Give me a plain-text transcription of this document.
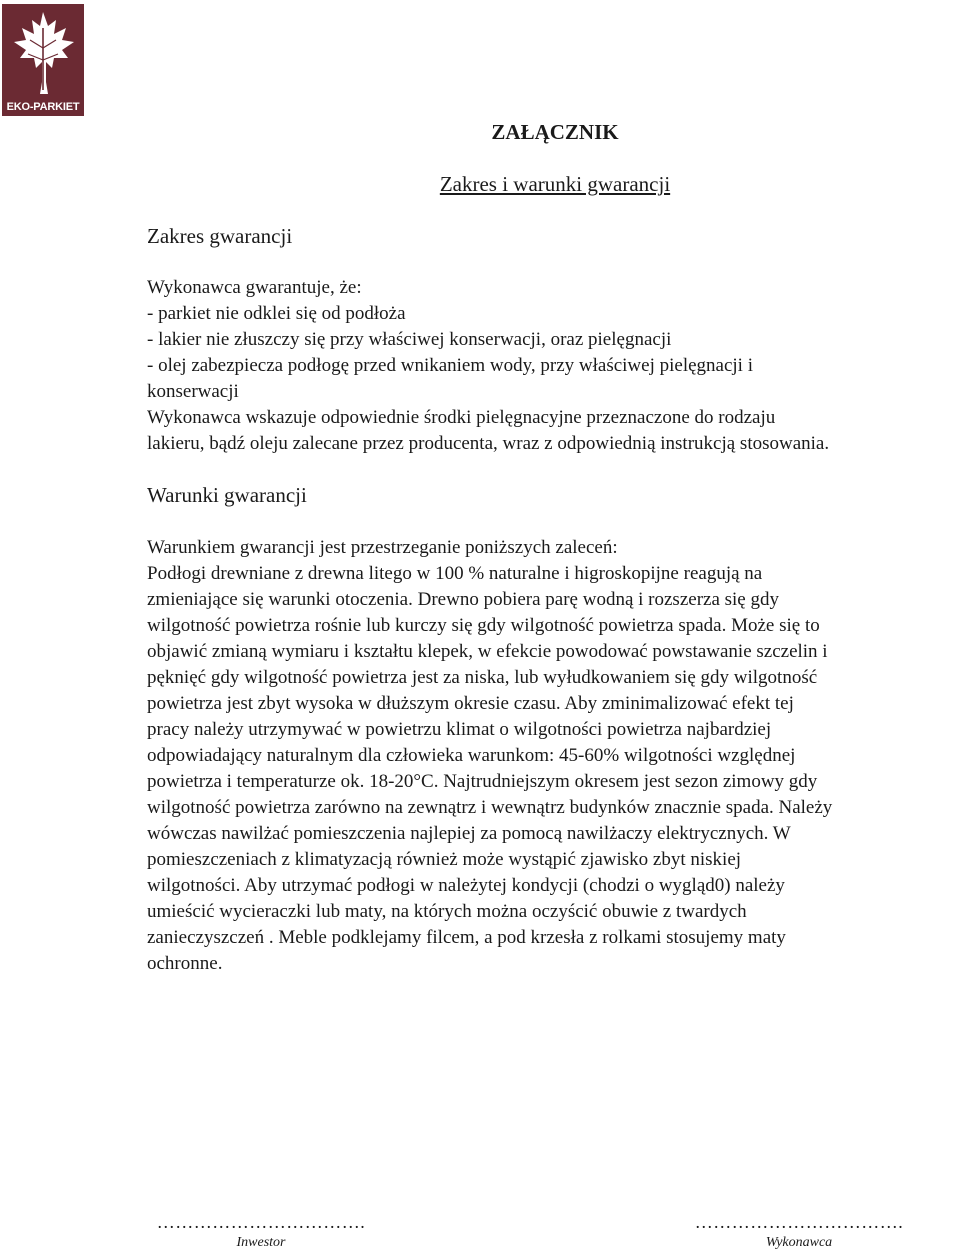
EKO-PARKIET
ZAŁĄCZNIK
Zakres i warunki gwarancji
Zakres gwarancji
Wykonawca gwarantuje, że:
- parkiet nie odklei się od podłoża
- lakier nie złuszczy się przy właściwej konserwacji, oraz pielęgnacji
- olej zabezpiecza podłogę przed wnikaniem wody, przy właściwej pielęgnacji i
konserwacji
Wykonawca wskazuje odpowiednie środki pielęgnacyjne przeznaczone do rodzaju
lakieru, bądź oleju zalecane przez producenta, wraz z odpowiednią instrukcją stosowania.
Warunki gwarancji
Warunkiem gwarancji jest przestrzeganie poniższych zaleceń:
Podłogi drewniane z drewna litego w 100 % naturalne i higroskopijne reagują na
zmieniające się warunki otoczenia. Drewno pobiera parę wodną i rozszerza się gdy
wilgotność powietrza rośnie lub kurczy się gdy wilgotność powietrza spada. Może się to
objawić zmianą wymiaru i kształtu klepek, w efekcie powodować powstawanie szczelin i
pęknięć gdy wilgotność powietrza jest za niska, lub wyłudkowaniem się gdy wilgotność
powietrza jest zbyt wysoka w dłuższym okresie czasu. Aby zminimalizować efekt tej
pracy należy utrzymywać w powietrzu klimat o wilgotności powietrza najbardziej
odpowiadający naturalnym dla człowieka warunkom: 45-60% wilgotności względnej
powietrza i temperaturze ok. 18-20°C. Najtrudniejszym okresem jest sezon zimowy gdy
wilgotność powietrza zarówno na zewnątrz i wewnątrz budynków znacznie spada. Należy
wówczas nawilżać pomieszczenia najlepiej za pomocą nawilżaczy elektrycznych. W
pomieszczeniach z klimatyzacją również może wystąpić zjawisko zbyt niskiej
wilgotności. Aby utrzymać podłogi w należytej kondycji (chodzi o wygląd0) należy
umieścić wycieraczki lub maty, na których można oczyścić obuwie z twardych
zanieczyszczeń . Meble podklejamy filcem, a pod krzesła z rolkami stosujemy maty
ochronne.
…………………………….
Inwestor
…………………………….
Wykonawca
